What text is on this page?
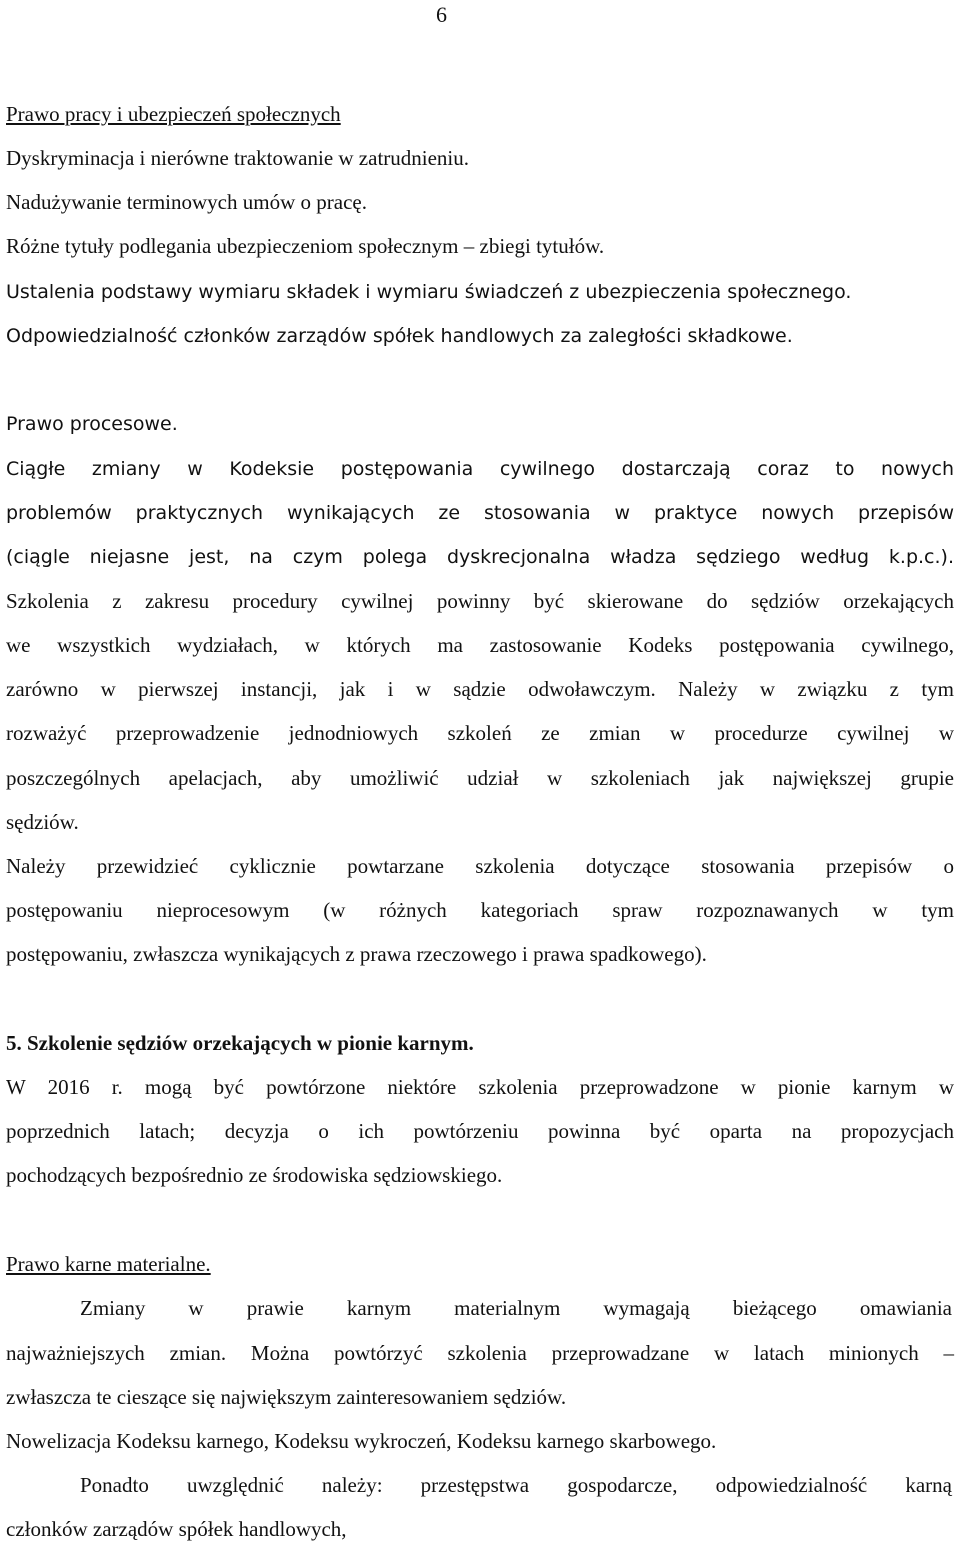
6
Prawo pracy i ubezpieczeń społecznych
Dyskryminacja i nierówne traktowanie w zatrudnieniu.
Nadużywanie terminowych umów o pracę.
Różne tytuły podlegania ubezpieczeniom społecznym – zbiegi tytułów.
Ustalenia podstawy wymiaru składek i wymiaru świadczeń z ubezpieczenia społecznego.
Odpowiedzialność członków zarządów spółek handlowych za zaległości składkowe.
Prawo procesowe.
Ciągłe zmiany w Kodeksie postępowania cywilnego dostarczają coraz to nowych
problemów praktycznych wynikających ze stosowania w praktyce nowych przepisów
(ciągle niejasne jest, na czym polega dyskrecjonalna władza sędziego według k.p.c.).
Szkolenia z zakresu procedury cywilnej powinny być skierowane do sędziów orzekających
we wszystkich wydziałach, w których ma zastosowanie Kodeks postępowania cywilnego,
zarówno w pierwszej instancji, jak i w sądzie odwoławczym. Należy w związku z tym
rozważyć przeprowadzenie jednodniowych szkoleń ze zmian w procedurze cywilnej w
poszczególnych apelacjach, aby umożliwić udział w szkoleniach jak największej grupie
sędziów.
Należy przewidzieć cyklicznie powtarzane szkolenia dotyczące stosowania przepisów o
postępowaniu nieprocesowym (w różnych kategoriach spraw rozpoznawanych w tym
postępowaniu, zwłaszcza wynikających z prawa rzeczowego i prawa spadkowego).
5. Szkolenie sędziów orzekających w pionie karnym.
W 2016 r. mogą być powtórzone niektóre szkolenia przeprowadzone w pionie karnym w
poprzednich latach; decyzja o ich powtórzeniu powinna być oparta na propozycjach
pochodzących bezpośrednio ze środowiska sędziowskiego.
Prawo karne materialne.
Zmiany w prawie karnym materialnym wymagają bieżącego omawiania
najważniejszych zmian. Można powtórzyć szkolenia przeprowadzane w latach minionych –
zwłaszcza te cieszące się największym zainteresowaniem sędziów.
Nowelizacja Kodeksu karnego, Kodeksu wykroczeń, Kodeksu karnego skarbowego.
Ponadto uwzględnić należy: przestępstwa gospodarcze, odpowiedzialność karną
członków zarządów spółek handlowych,
